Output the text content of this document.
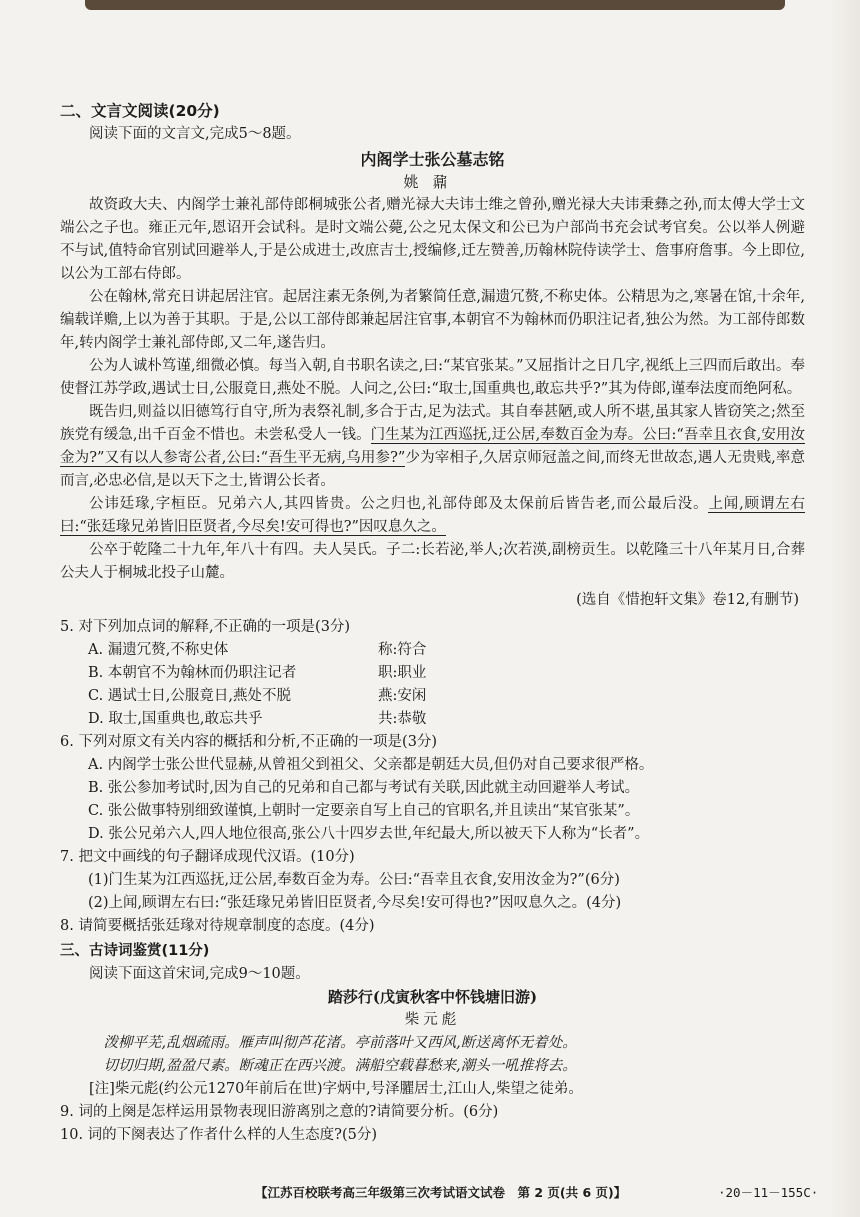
二、文言文阅读(20分)
阅读下面的文言文,完成5～8题。
内阁学士张公墓志铭
姚鼐

故资政大夫、内阁学士兼礼部侍郎桐城张公者,赠光禄大夫讳士维之曾孙,赠光禄大夫讳秉彝之孙,而太傅大学士文端公之子也。雍正元年,恩诏开会试科。是时文端公薨,公之兄太保文和公已为户部尚书充会试考官矣。公以举人例避不与试,值特命官别试回避举人,于是公成进士,改庶吉士,授编修,迁左赞善,历翰林院侍读学士、詹事府詹事。今上即位,以公为工部右侍郎。

公在翰林,常充日讲起居注官。起居注素无条例,为者繁简任意,漏遗冗赘,不称史体。公精思为之,寒暑在馆,十余年,编载详赡,上以为善于其职。于是,公以工部侍郎兼起居注官事,本朝官不为翰林而仍职注记者,独公为然。为工部侍郎数年,转内阁学士兼礼部侍郎,又二年,遂告归。

公为人诚朴笃谨,细微必慎。每当入朝,自书职名读之,曰:“某官张某。”又屈指计之日几字,视纸上三四而后敢出。奉使督江苏学政,遇试士日,公服竟日,燕处不脱。人问之,公曰:“取士,国重典也,敢忘共乎?”其为侍郎,谨奉法度而绝阿私。

既告归,则益以旧德笃行自守,所为表祭礼制,多合于古,足为法式。其自奉甚陋,或人所不堪,虽其家人皆窃笑之;然至族党有缓急,出千百金不惜也。未尝私受人一钱。门生某为江西巡抚,迂公居,奉数百金为寿。公曰:“吾幸且衣食,安用汝金为?”又有以人参寄公者,公曰:“吾生平无病,乌用参?”少为宰相子,久居京师冠盖之间,而终无世故态,遇人无贵贱,率意而言,必忠必信,是以天下之士,皆谓公长者。

公讳廷瑑,字桓臣。兄弟六人,其四皆贵。公之归也,礼部侍郎及太保前后皆告老,而公最后没。上闻,顾谓左右曰:“张廷瑑兄弟皆旧臣贤者,今尽矣!安可得也?”因叹息久之。

公卒于乾隆二十九年,年八十有四。夫人吴氏。子二:长若泌,举人;次若渶,副榜贡生。以乾隆三十八年某月日,合葬公夫人于桐城北投子山麓。

(选自《惜抱轩文集》卷12,有删节)
5. 对下列加点词的解释,不正确的一项是(3分)
A. 漏遗冗赘,不称史体	称:符合
B. 本朝官不为翰林而仍职注记者	职:职业
C. 遇试士日,公服竟日,燕处不脱	燕:安闲
D. 取士,国重典也,敢忘共乎	共:恭敬
6. 下列对原文有关内容的概括和分析,不正确的一项是(3分)
A. 内阁学士张公世代显赫,从曾祖父到祖父、父亲都是朝廷大员,但仍对自己要求很严格。
B. 张公参加考试时,因为自己的兄弟和自己都与考试有关联,因此就主动回避举人考试。
C. 张公做事特别细致谨慎,上朝时一定要亲自写上自己的官职名,并且读出“某官张某”。
D. 张公兄弟六人,四人地位很高,张公八十四岁去世,年纪最大,所以被天下人称为“长者”。
7. 把文中画线的句子翻译成现代汉语。(10分)
(1)门生某为江西巡抚,迂公居,奉数百金为寿。公曰:“吾幸且衣食,安用汝金为?”(6分)
(2)上闻,顾谓左右曰:“张廷瑑兄弟皆旧臣贤者,今尽矣!安可得也?”因叹息久之。(4分)
8. 请简要概括张廷瑑对待规章制度的态度。(4分)
三、古诗词鉴赏(11分)
阅读下面这首宋词,完成9～10题。
踏莎行(戊寅秋客中怀钱塘旧游)
柴元彪
泼柳平芜,乱烟疏雨。雁声叫彻芦花渚。亭前落叶又西风,断送离怀无着处。
切切归期,盈盈尺素。断魂正在西兴渡。满船空载暮愁来,潮头一吼推将去。
[注]柴元彪(约公元1270年前后在世)字炳中,号泽臞居士,江山人,柴望之徒弟。
9. 词的上阕是怎样运用景物表现旧游离别之意的?请简要分析。(6分)
10. 词的下阕表达了作者什么样的人生态度?(5分)
【江苏百校联考高三年级第三次考试语文试卷　第 2 页(共 6 页)】	·20－11－155C·
